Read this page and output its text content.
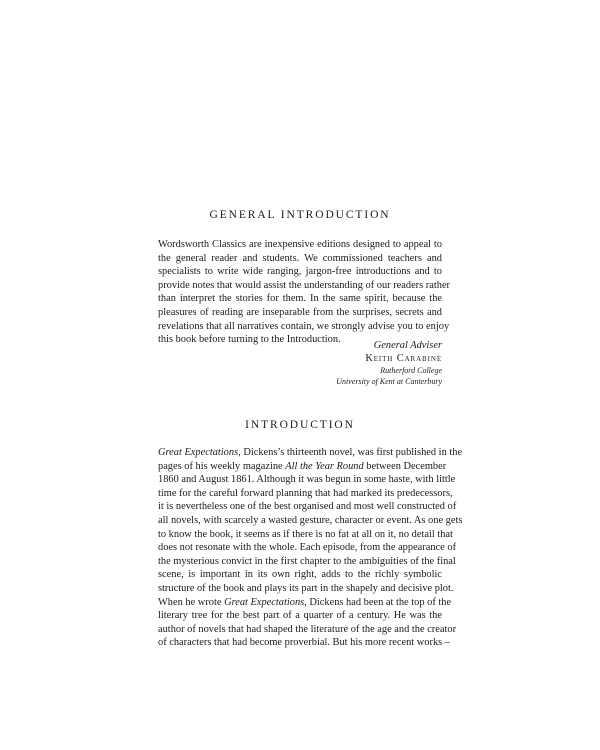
GENERAL INTRODUCTION
Wordsworth Classics are inexpensive editions designed to appeal to
the general reader and students. We commissioned teachers and
specialists to write wide ranging, jargon-free introductions and to
provide notes that would assist the understanding of our readers rather
than interpret the stories for them. In the same spirit, because the
pleasures of reading are inseparable from the surprises, secrets and
revelations that all narratives contain, we strongly advise you to enjoy
this book before turning to the Introduction.
General Adviser
Keith Carabine
Rutherford College
University of Kent at Canterbury
INTRODUCTION
Great Expectations, Dickens’s thirteenth novel, was first published in the
pages of his weekly magazine All the Year Round between December
1860 and August 1861. Although it was begun in some haste, with little
time for the careful forward planning that had marked its predecessors,
it is nevertheless one of the best organised and most well constructed of
all novels, with scarcely a wasted gesture, character or event. As one gets
to know the book, it seems as if there is no fat at all on it, no detail that
does not resonate with the whole. Each episode, from the appearance of
the mysterious convict in the first chapter to the ambiguities of the final
scene, is important in its own right, adds to the richly symbolic
structure of the book and plays its part in the shapely and decisive plot.
When he wrote Great Expectations, Dickens had been at the top of the
literary tree for the best part of a quarter of a century. He was the
author of novels that had shaped the literature of the age and the creator
of characters that had become proverbial. But his more recent works –
